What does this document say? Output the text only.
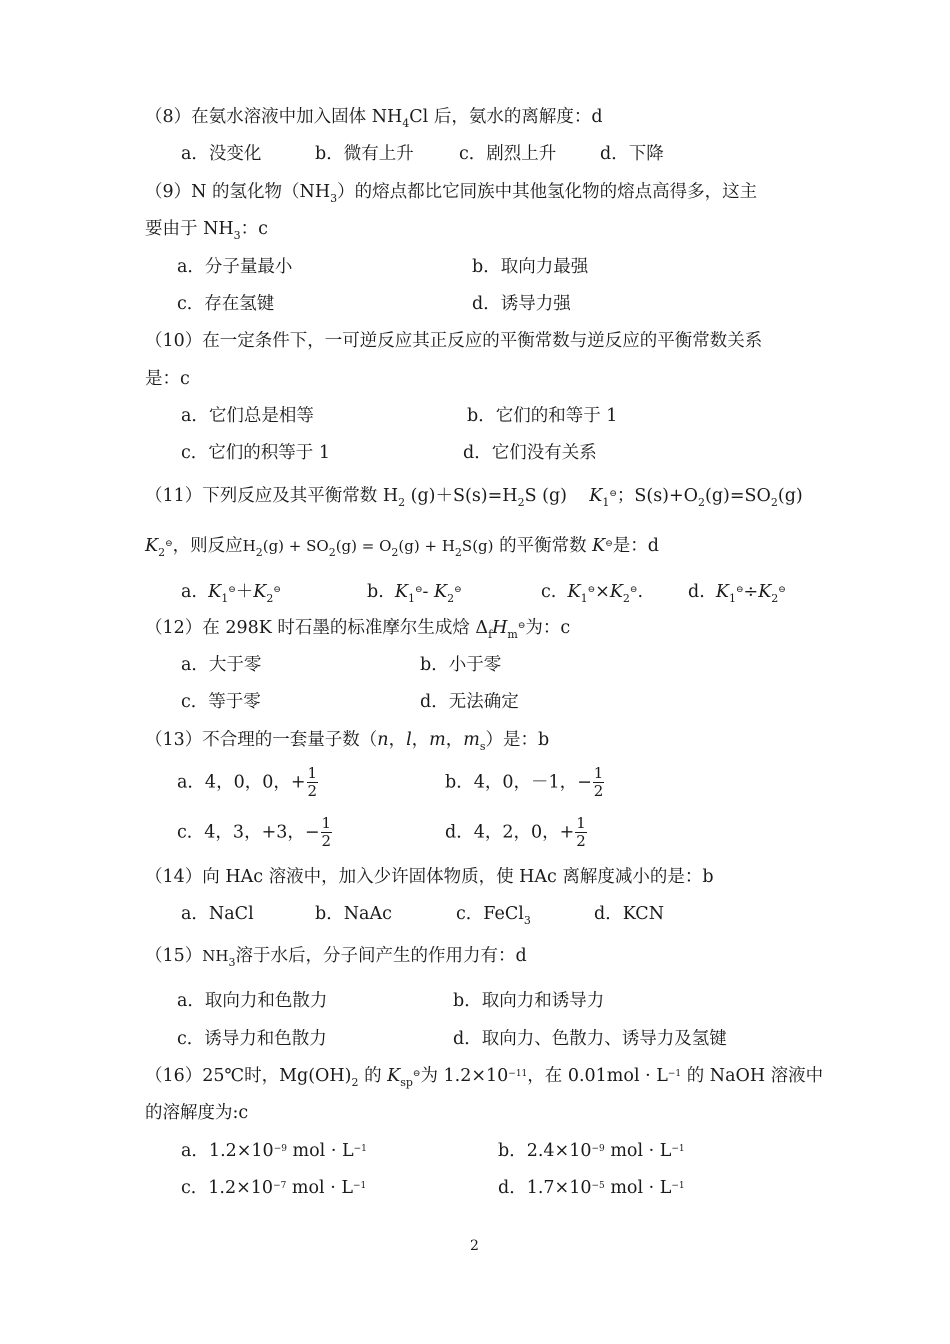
（8）在氨水溶液中加入固体 $NH_4Cl$ 后，氨水的离解度：d
a．没变化	b．微有上升	c．剧烈上升 d．下降
（9）N 的氢化物$(NH_3)$的熔点都比它同族中其他氢化物的熔点高得多，这主
要由于 $NH_3$：c
a．分子量最小	b．取向力最强
c．存在氢键	d．诱导力强
（10）在一定条件下，一可逆反应其正反应的平衡常数与逆反应的平衡常数关系
是：c
a．它们总是相等	b．它们的和等于 1
c．它们的积等于 1	d．它们没有关系
（11）下列反应及其平衡常数 $H_2$ $(g)+S(s)=H_2S$ (g) $K_1^⊖$；$S(s)+O_2(g)=SO_2(g)$
$K_2^⊖$，则反应$H_2(g) + SO_2(g) = O_2(g) + H_2S(g)$ 的平衡常数 K⊖是：d
a. $K_1^⊖+K_2^⊖$	b. $K_1^⊖-$ $K_2^⊖$	c. $K_1^⊖\times K_2^⊖$.	d. $K_1^⊖\div K_2^⊖$
（12）在 298K 时石墨的标准摩尔生成焓 $\Delta_fH_m^⊖$为：c
a．大于零	b．小于零
c．等于零	d．无法确定
（13）不合理的一套量子数（n，l，m，$m_s$）是：b
a．4，0，0，+ $\frac{1}{2}$	b．4，0，－1，− $\frac{1}{2}$
c．4，3，+3，− $\frac{1}{2}$	d．4，2，0，+ $\frac{1}{2}$
（14）向 HAc 溶液中，加入少许固体物质，使 HAc 离解度减小的是：b
a．NaCl	b．NaAc	c．FeCl$_3$	d．KCN
$(15)NH_3$溶于水后，分子间产生的作用力有：d
a．取向力和色散力	b．取向力和诱导力
c．诱导力和色散力	d．取向力、色散力、诱导力及氢键
（16）25℃时，$Mg(OH)_2$ 的 $K_{sp}^⊖$为 $1.2\times 10^{-11}$，在 $0.01mol \cdot L^{-1}$ 的 NaOH 溶液中
的溶解度为:c
a．$1.2\times 10^{-9}$ mol · $L^{-1}$	b．$2.4\times 10^{-9}$ mol · $L^{-1}$
c．$1.2\times 10^{-7}$ mol · $L^{-1}$	d．$1.7\times 10^{-5}$ mol · $L^{-1}$
2
